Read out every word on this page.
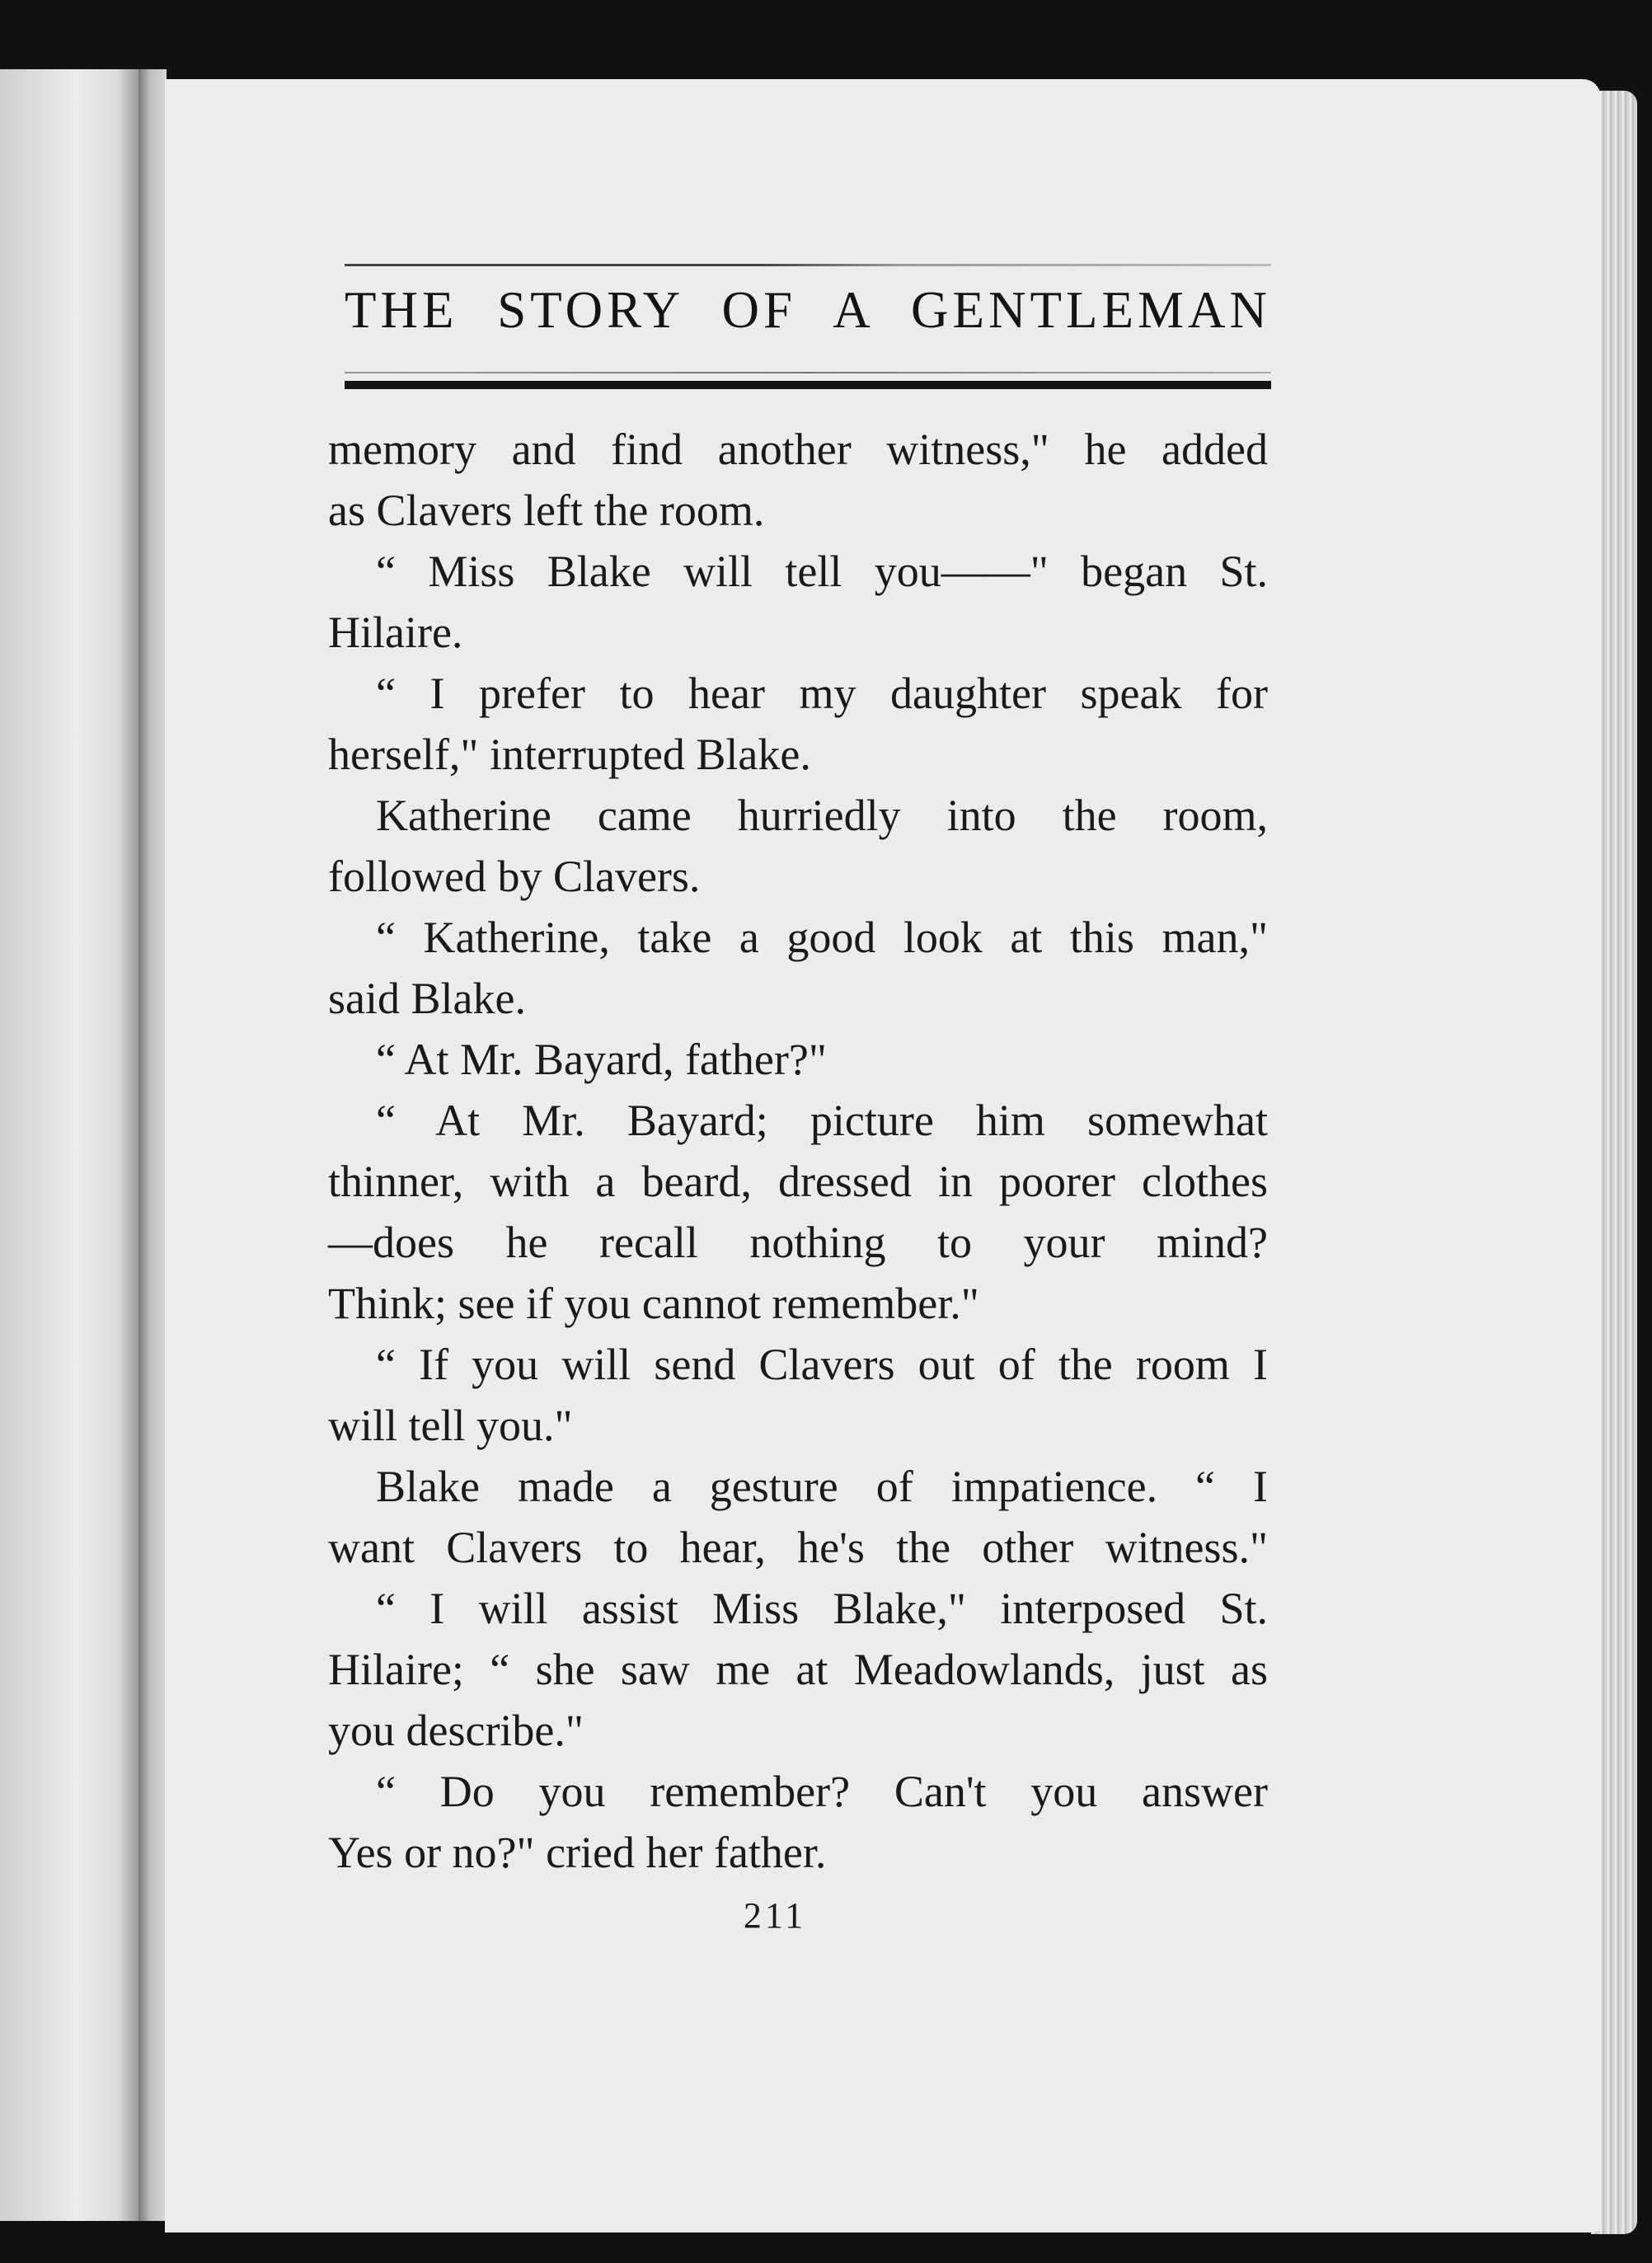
THE STORY OF A GENTLEMAN
memory and find another witness," he added
as Clavers left the room.
“ Miss Blake will tell you——" began St.
Hilaire.
“ I prefer to hear my daughter speak for
herself," interrupted Blake.
Katherine came hurriedly into the room,
followed by Clavers.
“ Katherine, take a good look at this man,"
said Blake.
“ At Mr. Bayard, father?"
“ At Mr. Bayard; picture him somewhat
thinner, with a beard, dressed in poorer clothes
—does he recall nothing to your mind?
Think; see if you cannot remember."
“ If you will send Clavers out of the room I
will tell you."
Blake made a gesture of impatience. “ I
want Clavers to hear, he's the other witness."
“ I will assist Miss Blake," interposed St.
Hilaire; “ she saw me at Meadowlands, just as
you describe."
“ Do you remember? Can't you answer
Yes or no?" cried her father.
211
